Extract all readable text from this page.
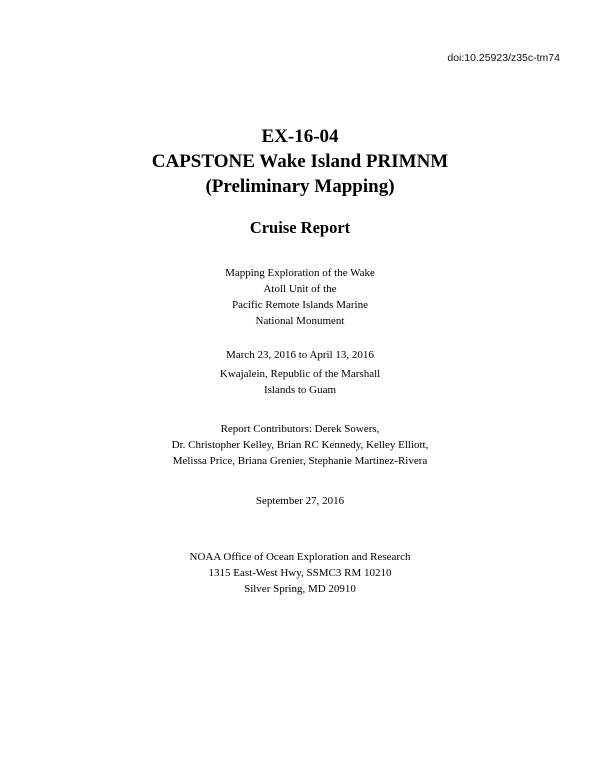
doi:10.25923/z35c-tm74
EX-16-04
CAPSTONE Wake Island PRIMNM
(Preliminary Mapping)
Cruise Report
Mapping Exploration of the Wake
Atoll Unit of the
Pacific Remote Islands Marine
National Monument
March 23, 2016 to April 13, 2016
Kwajalein, Republic of the Marshall
Islands to Guam
Report Contributors: Derek Sowers,
Dr. Christopher Kelley, Brian RC Kennedy, Kelley Elliott,
Melissa Price, Briana Grenier, Stephanie Martinez-Rivera
September 27, 2016
NOAA Office of Ocean Exploration and Research
1315 East-West Hwy, SSMC3 RM 10210
Silver Spring, MD 20910
